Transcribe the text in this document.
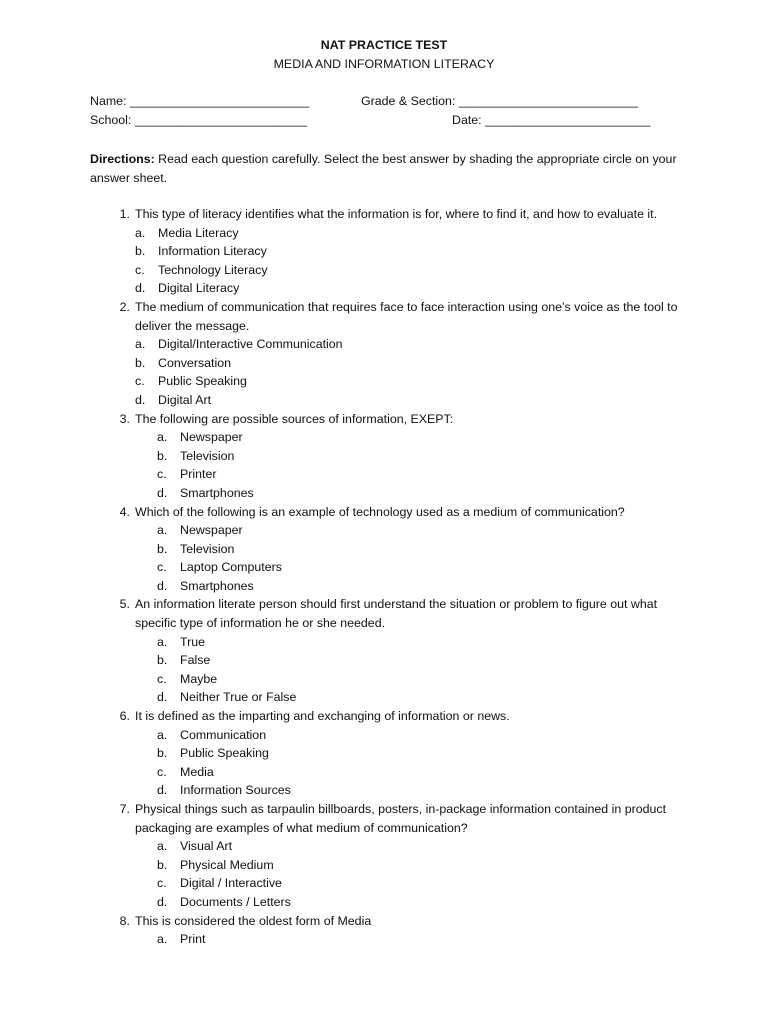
NAT PRACTICE TEST
MEDIA AND INFORMATION LITERACY
Name: __________________________	Grade & Section: __________________________
School: _________________________	Date: ________________________
Directions: Read each question carefully. Select the best answer by shading the appropriate circle on your answer sheet.
1. This type of literacy identifies what the information is for, where to find it, and how to evaluate it.
a. Media Literacy
b. Information Literacy
c.	Technology Literacy
d. Digital Literacy
2. The medium of communication that requires face to face interaction using one’s voice as the tool to deliver the message.
a. Digital/Interactive Communication
b. Conversation
c.	Public Speaking
d. Digital Art
3. The following are possible sources of information, EXEPT:
a. Newspaper
b. Television
c.	Printer
d. Smartphones
4. Which of the following is an example of technology used as a medium of communication?
a. Newspaper
b. Television
c.	Laptop Computers
d. Smartphones
5. An information literate person should first understand the situation or problem to figure out what specific type of information he or she needed.
a. True
b. False
c.	Maybe
d. Neither True or False
6. It is defined as the imparting and exchanging of information or news.
a. Communication
b. Public Speaking
c.	Media
d. Information Sources
7. Physical things such as tarpaulin billboards, posters, in-package information contained in product packaging are examples of what medium of communication?
a. Visual Art
b. Physical Medium
c.	Digital / Interactive
d. Documents / Letters
8. This is considered the oldest form of Media
a. Print
